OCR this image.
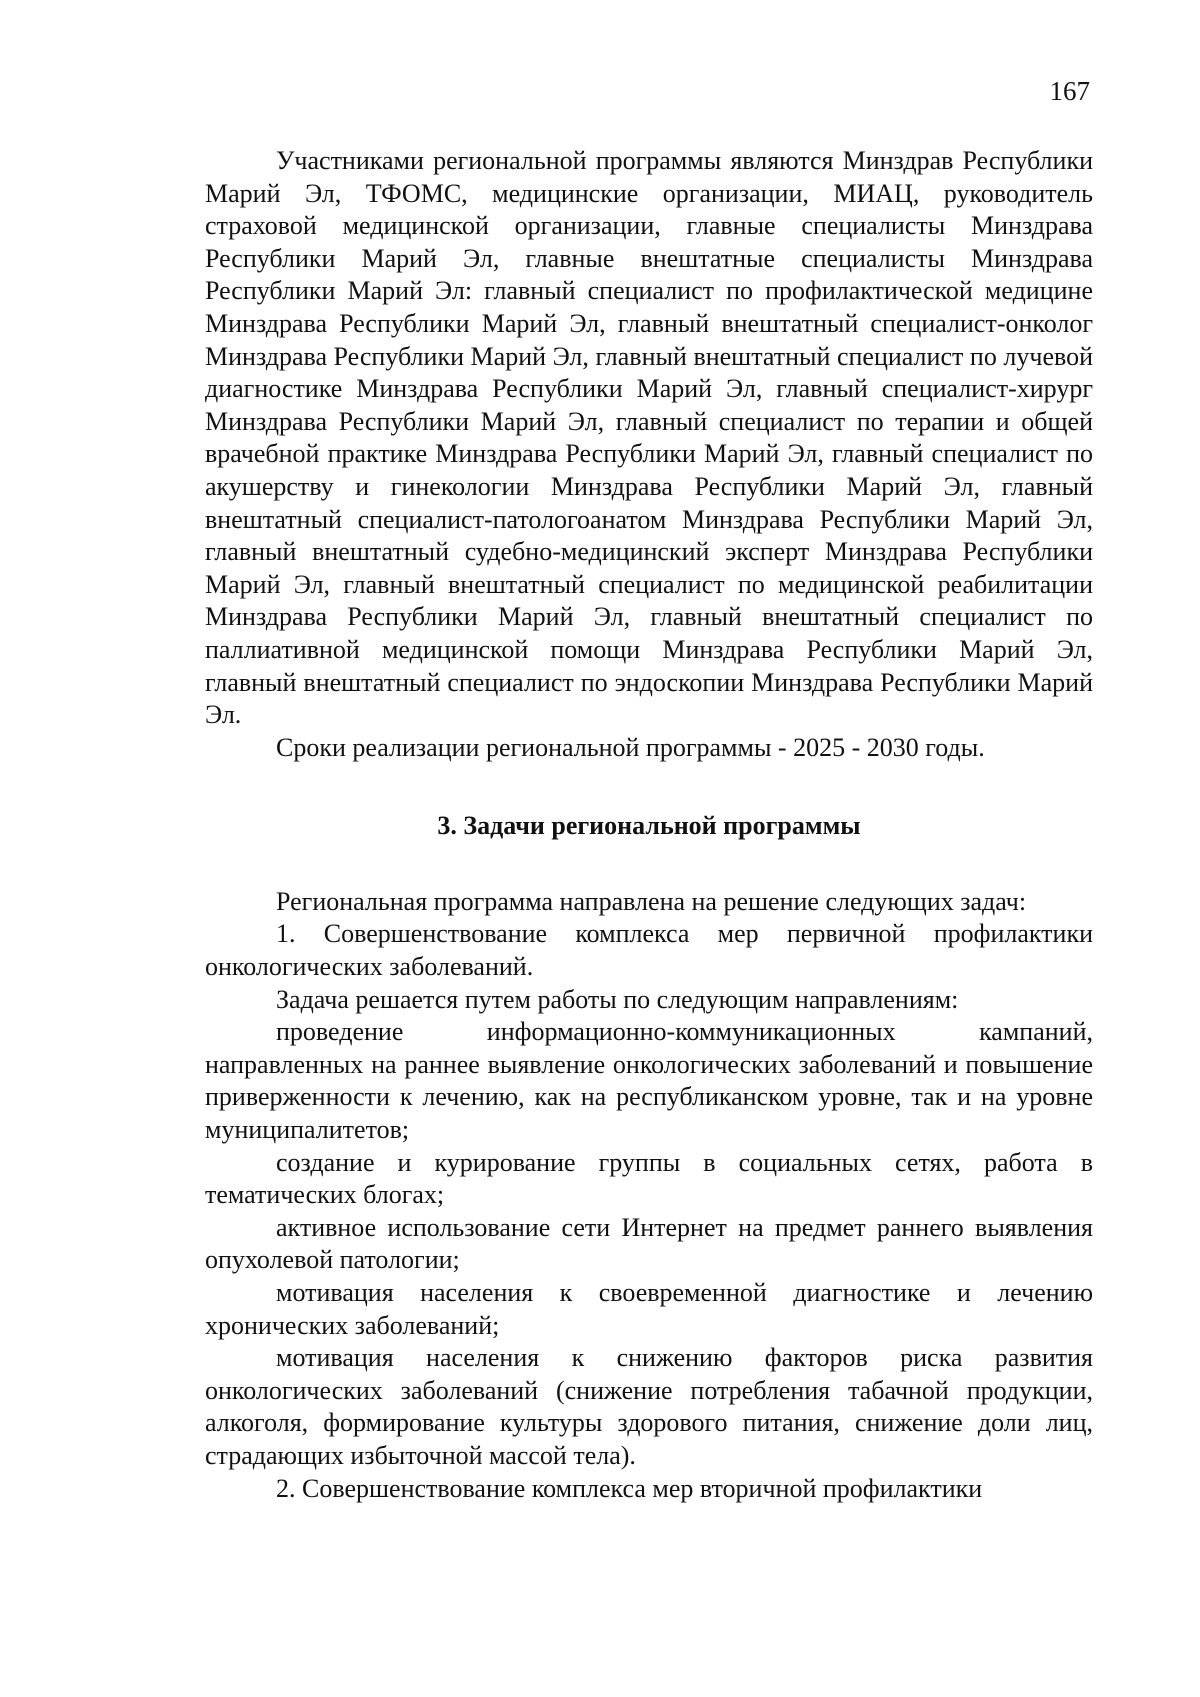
167

Участниками региональной программы являются Минздрав Республики Марий Эл, ТФОМС, медицинские организации, МИАЦ, руководитель страховой медицинской организации, главные специалисты Минздрава Республики Марий Эл, главные внештатные специалисты Минздрава Республики Марий Эл: главный специалист по профилактической медицине Минздрава Республики Марий Эл, главный внештатный специалист-онколог Минздрава Республики Марий Эл, главный внештатный специалист по лучевой диагностике Минздрава Республики Марий Эл, главный специалист-хирург Минздрава Республики Марий Эл, главный специалист по терапии и общей врачебной практике Минздрава Республики Марий Эл, главный специалист по акушерству и гинекологии Минздрава Республики Марий Эл, главный внештатный специалист-патологоанатом Минздрава Республики Марий Эл, главный внештатный судебно-медицинский эксперт Минздрава Республики Марий Эл, главный внештатный специалист по медицинской реабилитации Минздрава Республики Марий Эл, главный внештатный специалист по паллиативной медицинской помощи Минздрава Республики Марий Эл, главный внештатный специалист по эндоскопии Минздрава Республики Марий Эл.

Сроки реализации региональной программы - 2025 - 2030 годы.

3. Задачи региональной программы

Региональная программа направлена на решение следующих задач:

1. Совершенствование комплекса мер первичной профилактики онкологических заболеваний.

Задача решается путем работы по следующим направлениям:

проведение информационно-коммуникационных кампаний, направленных на раннее выявление онкологических заболеваний и повышение приверженности к лечению, как на республиканском уровне, так и на уровне муниципалитетов;

создание и курирование группы в социальных сетях, работа в тематических блогах;

активное использование сети Интернет на предмет раннего выявления опухолевой патологии;

мотивация населения к своевременной диагностике и лечению хронических заболеваний;

мотивация населения к снижению факторов риска развития онкологических заболеваний (снижение потребления табачной продукции, алкоголя, формирование культуры здорового питания, снижение доли лиц, страдающих избыточной массой тела).

2. Совершенствование комплекса мер вторичной профилактики
